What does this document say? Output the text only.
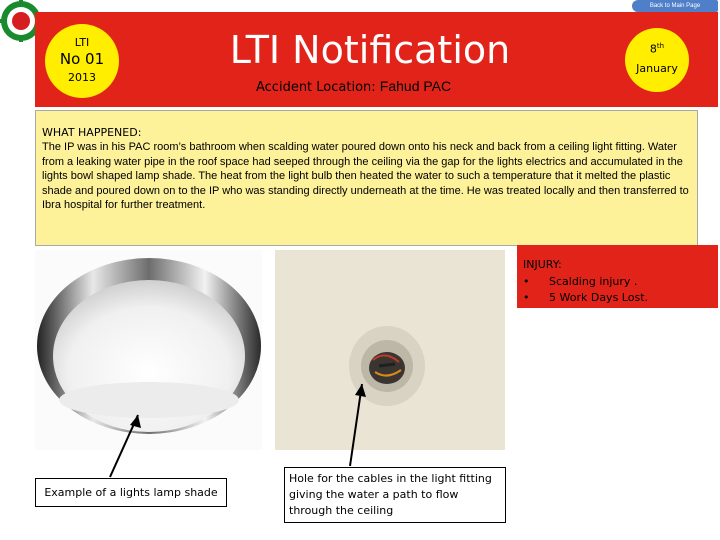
Back to Main Page
LTI
No 01
2013
LTI Notification
Accident Location: Fahud PAC
8th
January
WHAT HAPPENED:
The IP was in his PAC room’s bathroom when scalding water poured down onto his neck and back from a ceiling light fitting. Water from a leaking water pipe in the roof space had seeped through the ceiling via the gap for the lights electrics and accumulated in the lights bowl shaped lamp shade. The heat from the light bulb then heated the water to such a temperature that it melted the plastic shade and poured down on to the IP who was standing directly underneath at the time. He was treated locally and then transferred to Ibra hospital for further treatment.
INJURY:
• Scalding injury .
• 5 Work Days Lost.
Example of a lights lamp shade
Hole for the cables in the light fitting giving the water a path to flow through the ceiling
